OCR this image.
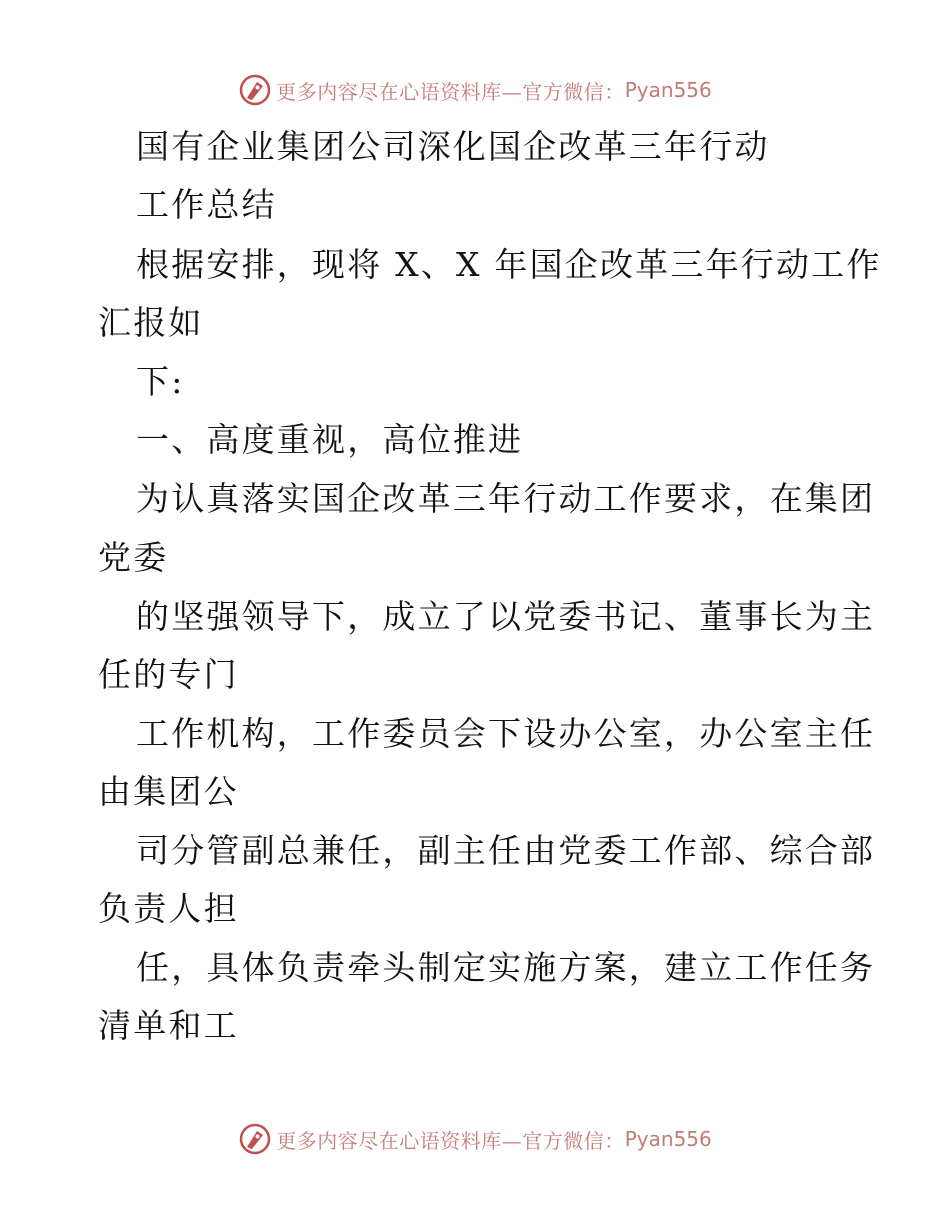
更多内容尽在心语资料库—官方微信： Pyan556
国有企业集团公司深化国企改革三年行动
工作总结
根据安排，现将 X、X 年国企改革三年行动工作
汇报如
下:
一、高度重视，高位推进
为认真落实国企改革三年行动工作要求，在集团
党委
的坚强领导下，成立了以党委书记、董事长为主
任的专门
工作机构，工作委员会下设办公室，办公室主任
由集团公
司分管副总兼任，副主任由党委工作部、综合部
负责人担
任，具体负责牵头制定实施方案，建立工作任务
清单和工
更多内容尽在心语资料库—官方微信： Pyan556
